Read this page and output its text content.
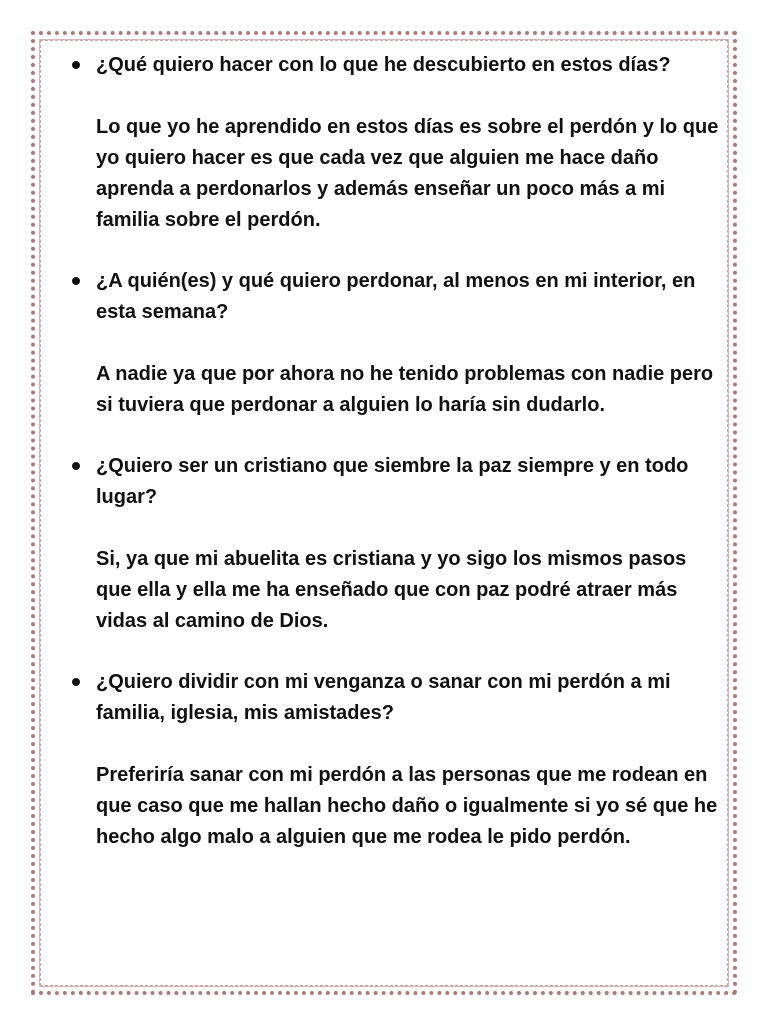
¿Qué quiero hacer con lo que he descubierto en estos días?
Lo que yo he aprendido en estos días es sobre el perdón y lo que yo quiero hacer es que cada vez que alguien me hace daño aprenda a perdonarlos y además enseñar un poco más a mi familia sobre el perdón.
¿A quién(es) y qué quiero perdonar, al menos en mi interior, en esta semana?
A nadie ya que por ahora no he tenido problemas con nadie pero si tuviera que perdonar a alguien lo haría sin dudarlo.
¿Quiero ser un cristiano que siembre la paz siempre y en todo lugar?
Si, ya que mi abuelita es cristiana y yo sigo los mismos pasos que ella y ella me ha enseñado que con paz podré atraer más vidas al camino de Dios.
¿Quiero dividir con mi venganza o sanar con mi perdón a mi familia, iglesia, mis amistades?
Preferiría sanar con mi perdón a las personas que me rodean en que caso que me hallan hecho daño o igualmente si yo sé que he hecho algo malo a alguien que me rodea le pido perdón.
